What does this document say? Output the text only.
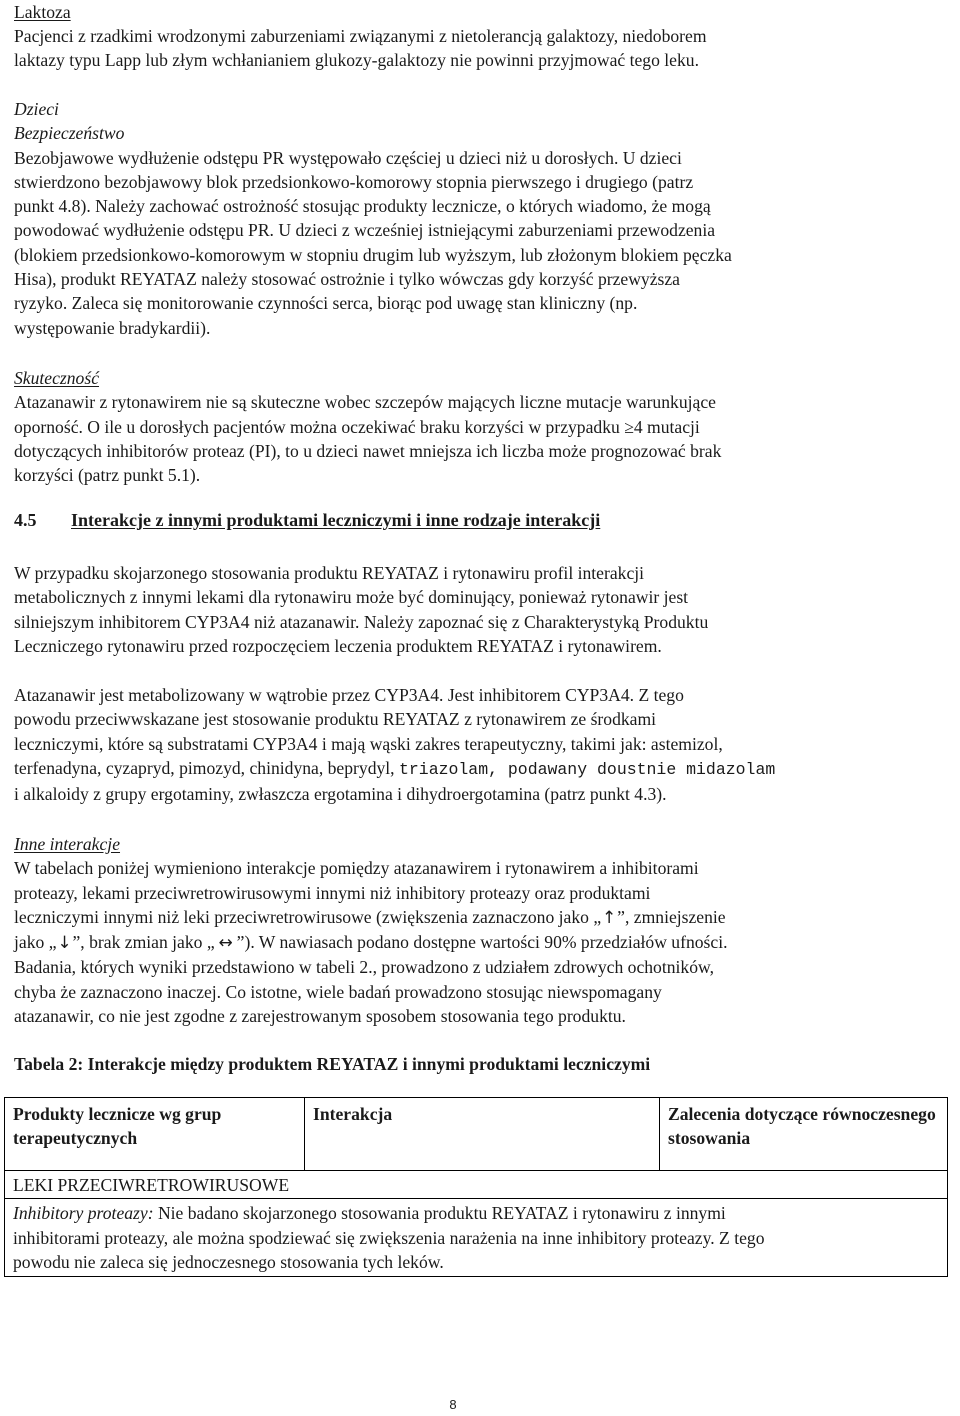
Laktoza
Pacjenci z rzadkimi wrodzonymi zaburzeniami związanymi z nietolerancją galaktozy, niedoborem
laktazy typu Lapp lub złym wchłanianiem glukozy-galaktozy nie powinni przyjmować tego leku.
Dzieci
Bezpieczeństwo
Bezobjawowe wydłużenie odstępu PR występowało częściej u dzieci niż u dorosłych. U dzieci
stwierdzono bezobjawowy blok przedsionkowo-komorowy stopnia pierwszego i drugiego (patrz
punkt 4.8). Należy zachować ostrożność stosując produkty lecznicze, o których wiadomo, że mogą
powodować wydłużenie odstępu PR. U dzieci z wcześniej istniejącymi zaburzeniami przewodzenia
(blokiem przedsionkowo-komorowym w stopniu drugim lub wyższym, lub złożonym blokiem pęczka
Hisa), produkt REYATAZ należy stosować ostrożnie i tylko wówczas gdy korzyść przewyższa
ryzyko. Zaleca się monitorowanie czynności serca, biorąc pod uwagę stan kliniczny (np.
występowanie bradykardii).
Skuteczność
Atazanawir z rytonawirem nie są skuteczne wobec szczepów mających liczne mutacje warunkujące
oporność. O ile u dorosłych pacjentów można oczekiwać braku korzyści w przypadku ≥4 mutacji
dotyczących inhibitorów proteaz (PI), to u dzieci nawet mniejsza ich liczba może prognozować brak
korzyści (patrz punkt 5.1).
4.5 Interakcje z innymi produktami leczniczymi i inne rodzaje interakcji
W przypadku skojarzonego stosowania produktu REYATAZ i rytonawiru profil interakcji
metabolicznych z innymi lekami dla rytonawiru może być dominujący, ponieważ rytonawir jest
silniejszym inhibitorem CYP3A4 niż atazanawir. Należy zapoznać się z Charakterystyką Produktu
Leczniczego rytonawiru przed rozpoczęciem leczenia produktem REYATAZ i rytonawirem.
Atazanawir jest metabolizowany w wątrobie przez CYP3A4. Jest inhibitorem CYP3A4. Z tego
powodu przeciwwskazane jest stosowanie produktu REYATAZ z rytonawirem ze środkami
leczniczymi, które są substratami CYP3A4 i mają wąski zakres terapeutyczny, takimi jak: astemizol,
terfenadyna, cyzapryd, pimozyd, chinidyna, beprydyl, triazolam, podawany doustnie midazolam
i alkaloidy z grupy ergotaminy, zwłaszcza ergotamina i dihydroergotamina (patrz punkt 4.3).
Inne interakcje
W tabelach poniżej wymieniono interakcje pomiędzy atazanawirem i rytonawirem a inhibitorami
proteazy, lekami przeciwretrowirusowymi innymi niż inhibitory proteazy oraz produktami
leczniczymi innymi niż leki przeciwretrowirusowe (zwiększenia zaznaczono jako „↑”, zmniejszenie
jako „↓”, brak zmian jako „ ↔ ”). W nawiasach podano dostępne wartości 90% przedziałów ufności.
Badania, których wyniki przedstawiono w tabeli 2., prowadzono z udziałem zdrowych ochotników,
chyba że zaznaczono inaczej. Co istotne, wiele badań prowadzono stosując niewspomagany
atazanawir, co nie jest zgodne z zarejestrowanym sposobem stosowania tego produktu.
Tabela 2: Interakcje między produktem REYATAZ i innymi produktami leczniczymi
Produkty lecznicze wg grup terapeutycznych	Interakcja	Zalecenia dotyczące równoczesnego stosowania
LEKI PRZECIWRETROWIRUSOWE

Inhibitory proteazy: Nie badano skojarzonego stosowania produktu REYATAZ i rytonawiru z innymi
inhibitorami proteazy, ale można spodziewać się zwiększenia narażenia na inne inhibitory proteazy. Z tego
powodu nie zaleca się jednoczesnego stosowania tych leków.
8
